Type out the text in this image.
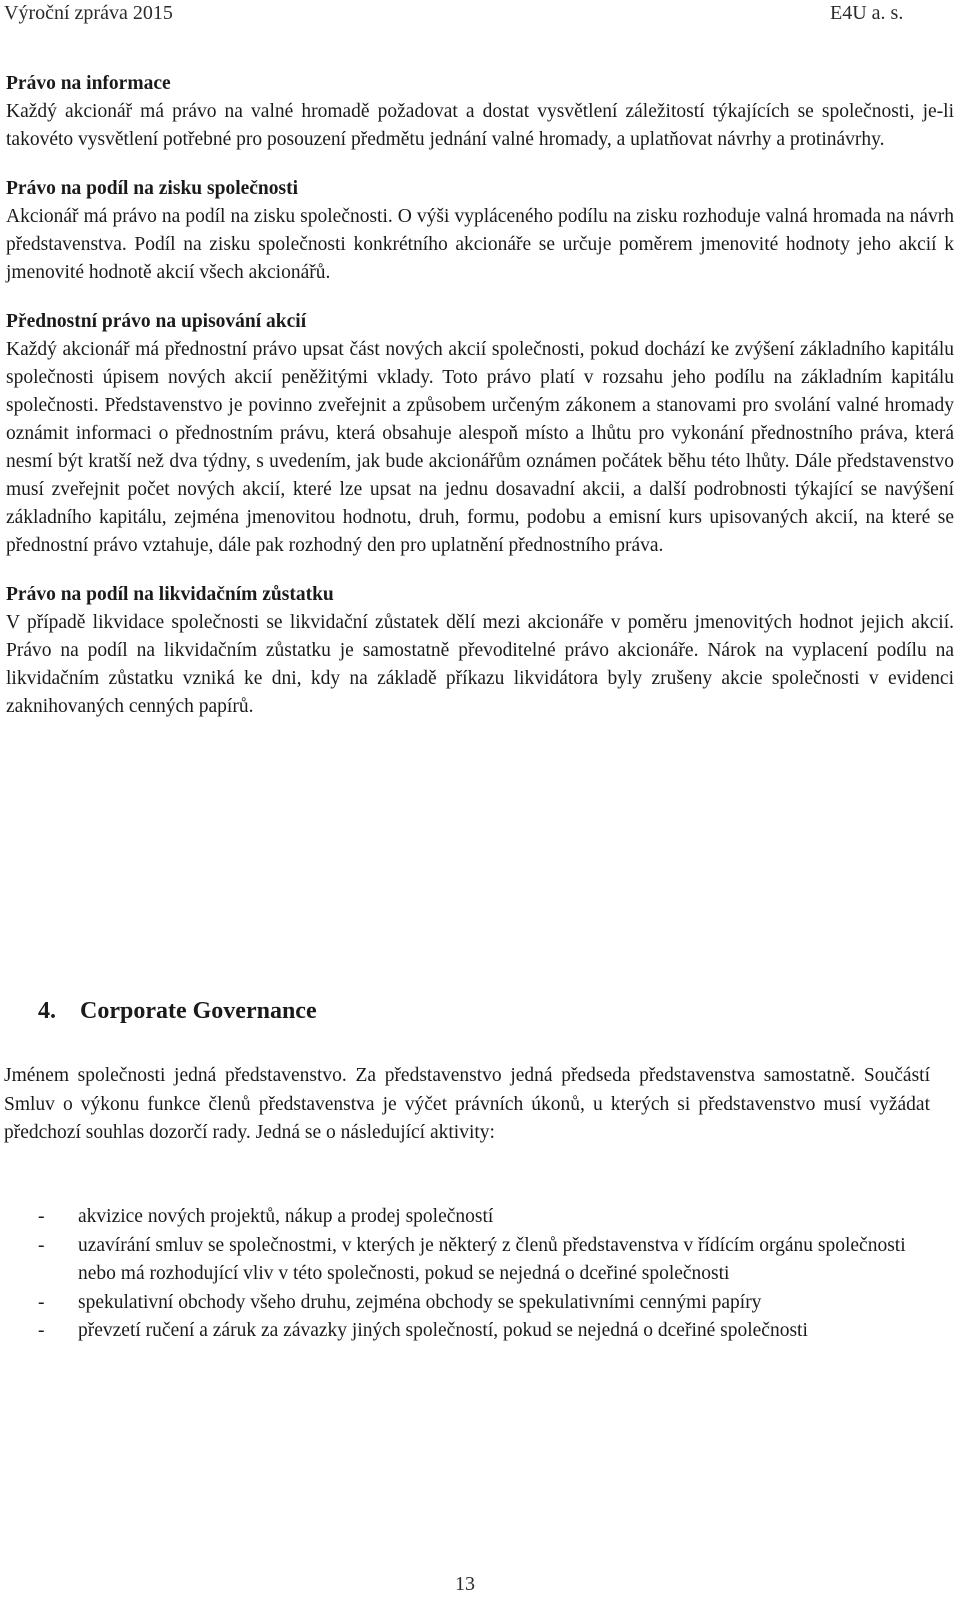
Výroční zpráva 2015	E4U a. s.
Právo na informace

Každý akcionář má právo na valné hromadě požadovat a dostat vysvětlení záležitostí týkajících se společnosti, je-li takovéto vysvětlení potřebné pro posouzení předmětu jednání valné hromady, a uplatňovat návrhy a protinávrhy.

Právo na podíl na zisku společnosti

Akcionář má právo na podíl na zisku společnosti. O výši vypláceného podílu na zisku rozhoduje valná hromada na návrh představenstva. Podíl na zisku společnosti konkrétního akcionáře se určuje poměrem jmenovité hodnoty jeho akcií k jmenovité hodnotě akcií všech akcionářů.

Přednostní právo na upisování akcií

Každý akcionář má přednostní právo upsat část nových akcií společnosti, pokud dochází ke zvýšení základního kapitálu společnosti úpisem nových akcií peněžitými vklady. Toto právo platí v rozsahu jeho podílu na základním kapitálu společnosti. Představenstvo je povinno zveřejnit a způsobem určeným zákonem a stanovami pro svolání valné hromady oznámit informaci o přednostním právu, která obsahuje alespoň místo a lhůtu pro vykonání přednostního práva, která nesmí být kratší než dva týdny, s uvedením, jak bude akcionářům oznámen počátek běhu této lhůty. Dále představenstvo musí zveřejnit počet nových akcií, které lze upsat na jednu dosavadní akcii, a další podrobnosti týkající se navýšení základního kapitálu, zejména jmenovitou hodnotu, druh, formu, podobu a emisní kurs upisovaných akcií, na které se přednostní právo vztahuje, dále pak rozhodný den pro uplatnění přednostního práva.

Právo na podíl na likvidačním zůstatku

V případě likvidace společnosti se likvidační zůstatek dělí mezi akcionáře v poměru jmenovitých hodnot jejich akcií. Právo na podíl na likvidačním zůstatku je samostatně převoditelné právo akcionáře. Nárok na vyplacení podílu na likvidačním zůstatku vzniká ke dni, kdy na základě příkazu likvidátora byly zrušeny akcie společnosti v evidenci zaknihovaných cenných papírů.

4. Corporate Governance

Jménem společnosti jedná představenstvo. Za představenstvo jedná předseda představenstva samostatně. Součástí Smluv o výkonu funkce členů představenstva je výčet právních úkonů, u kterých si představenstvo musí vyžádat předchozí souhlas dozorčí rady. Jedná se o následující aktivity:

- akvizice nových projektů, nákup a prodej společností
- uzavírání smluv se společnostmi, v kterých je některý z členů představenstva v řídícím orgánu společnosti nebo má rozhodující vliv v této společnosti, pokud se nejedná o dceřiné společnosti
- spekulativní obchody všeho druhu, zejména obchody se spekulativními cennými papíry
- převzetí ručení a záruk za závazky jiných společností, pokud se nejedná o dceřiné společnosti
13
